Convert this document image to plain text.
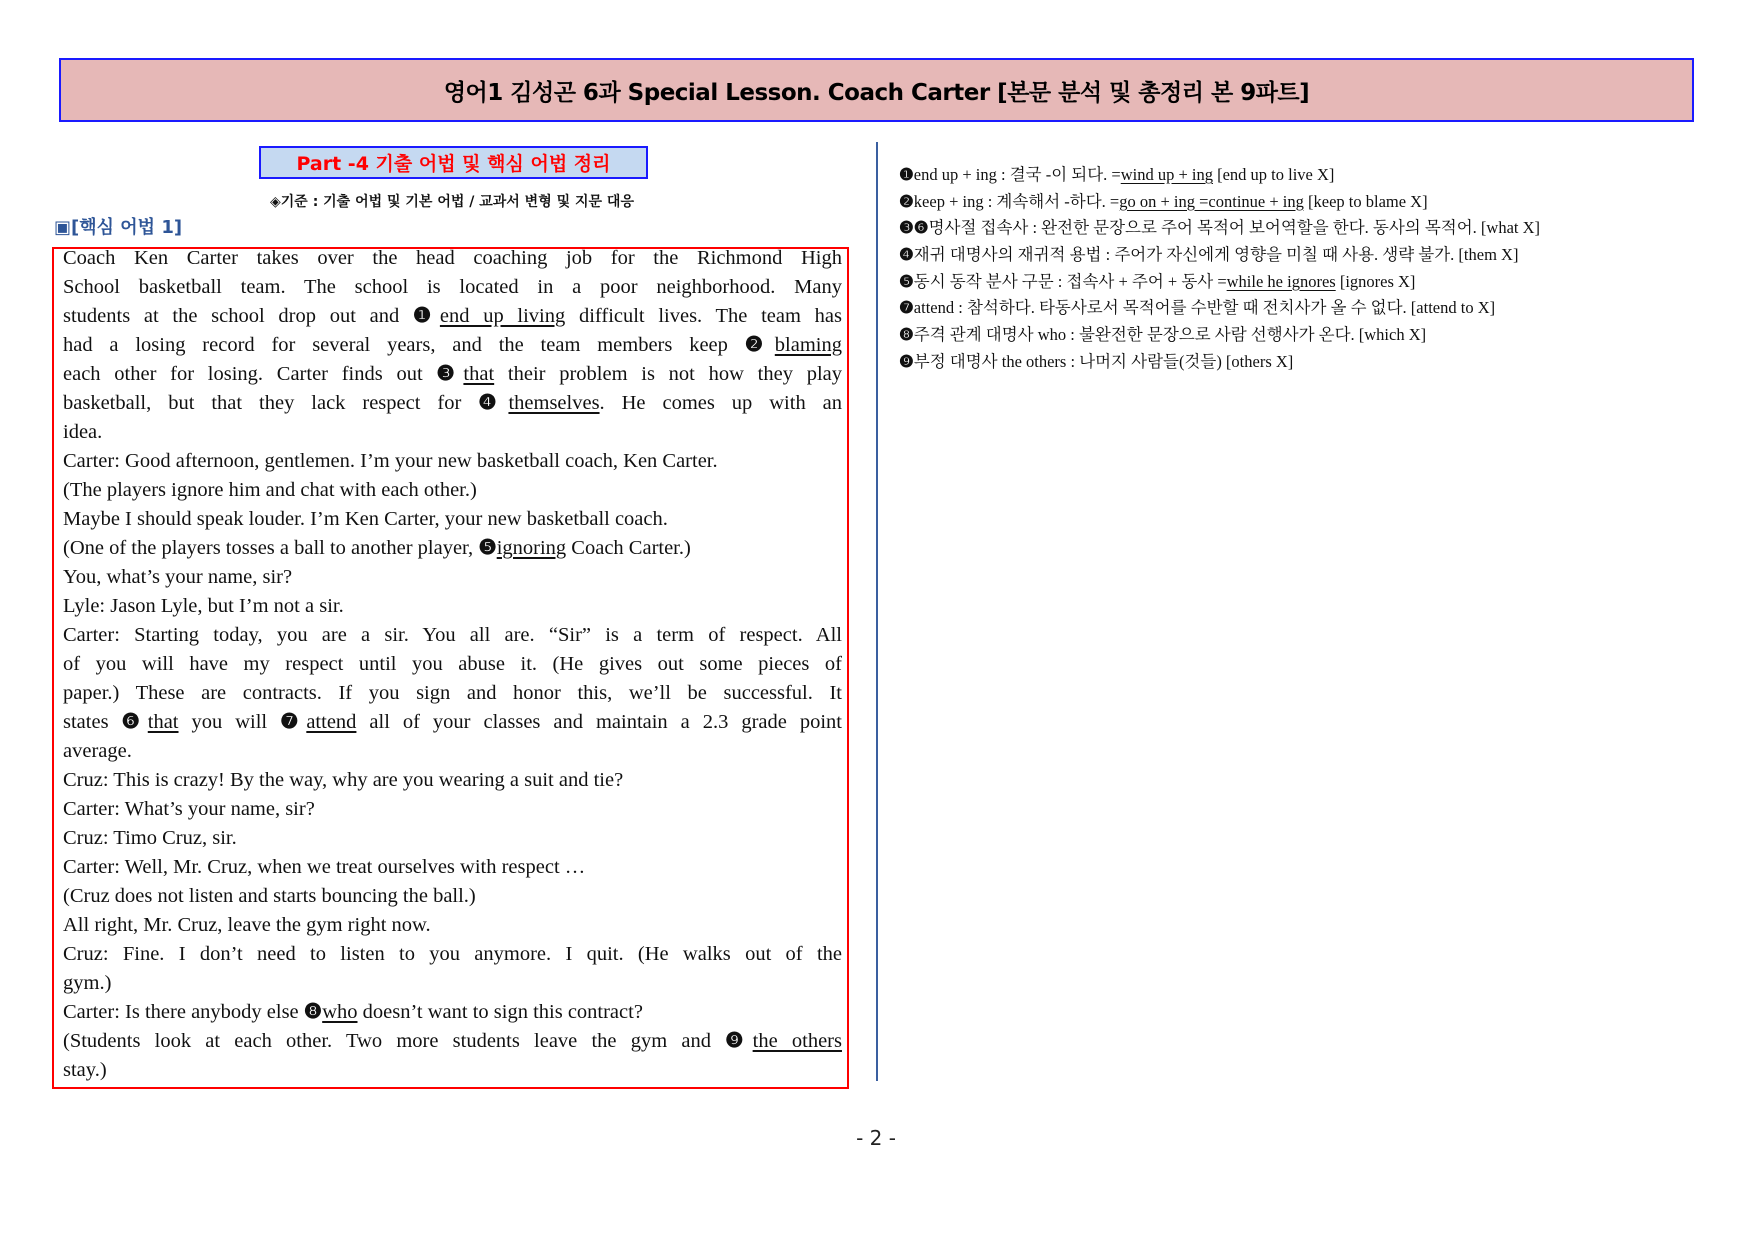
영어1 김성곤 6과 Special Lesson. Coach Carter [본문 분석 및 총정리 본 9파트]
Part -4 기출 어법 및 핵심 어법 정리
◈기준 : 기출 어법 및 기본 어법 / 교과서 변형 및 지문 대응
▣[핵심 어법 1]
Coach Ken Carter takes over the head coaching job for the Richmond High
School basketball team. The school is located in a poor neighborhood. Many
students at the school drop out and ❶end up living difficult lives. The team has
had a losing record for several years, and the team members keep ❷blaming
each other for losing. Carter finds out ❸that their problem is not how they play
basketball, but that they lack respect for ❹themselves. He comes up with an
idea.
Carter: Good afternoon, gentlemen. I’m your new basketball coach, Ken Carter.
(The players ignore him and chat with each other.)
Maybe I should speak louder. I’m Ken Carter, your new basketball coach.
(One of the players tosses a ball to another player, ❺ignoring Coach Carter.)
You, what’s your name, sir?
Lyle: Jason Lyle, but I’m not a sir.
Carter: Starting today, you are a sir. You all are. “Sir” is a term of respect. All
of you will have my respect until you abuse it. (He gives out some pieces of
paper.) These are contracts. If you sign and honor this, we’ll be successful. It
states ❻that you will ❼attend all of your classes and maintain a 2.3 grade point
average.
Cruz: This is crazy! By the way, why are you wearing a suit and tie?
Carter: What’s your name, sir?
Cruz: Timo Cruz, sir.
Carter: Well, Mr. Cruz, when we treat ourselves with respect …
(Cruz does not listen and starts bouncing the ball.)
All right, Mr. Cruz, leave the gym right now.
Cruz: Fine. I don’t need to listen to you anymore. I quit. (He walks out of the
gym.)
Carter: Is there anybody else ❽who doesn’t want to sign this contract?
(Students look at each other. Two more students leave the gym and ❾the others
stay.)
❶end up + ing : 결국 -이 되다. =wind up + ing [end up to live X]
❷keep + ing : 계속해서 -하다. =go on + ing =continue + ing [keep to blame X]
❸❻명사절 접속사 : 완전한 문장으로 주어 목적어 보어역할을 한다. 동사의 목적어. [what X]
❹재귀 대명사의 재귀적 용법 : 주어가 자신에게 영향을 미칠 때 사용. 생략 불가. [them X]
❺동시 동작 분사 구문 : 접속사 + 주어 + 동사 =while he ignores [ignores X]
❼attend : 참석하다. 타동사로서 목적어를 수반할 때 전치사가 올 수 없다. [attend to X]
❽주격 관계 대명사 who : 불완전한 문장으로 사람 선행사가 온다. [which X]
❾부정 대명사 the others : 나머지 사람들(것들) [others X]
- 2 -
